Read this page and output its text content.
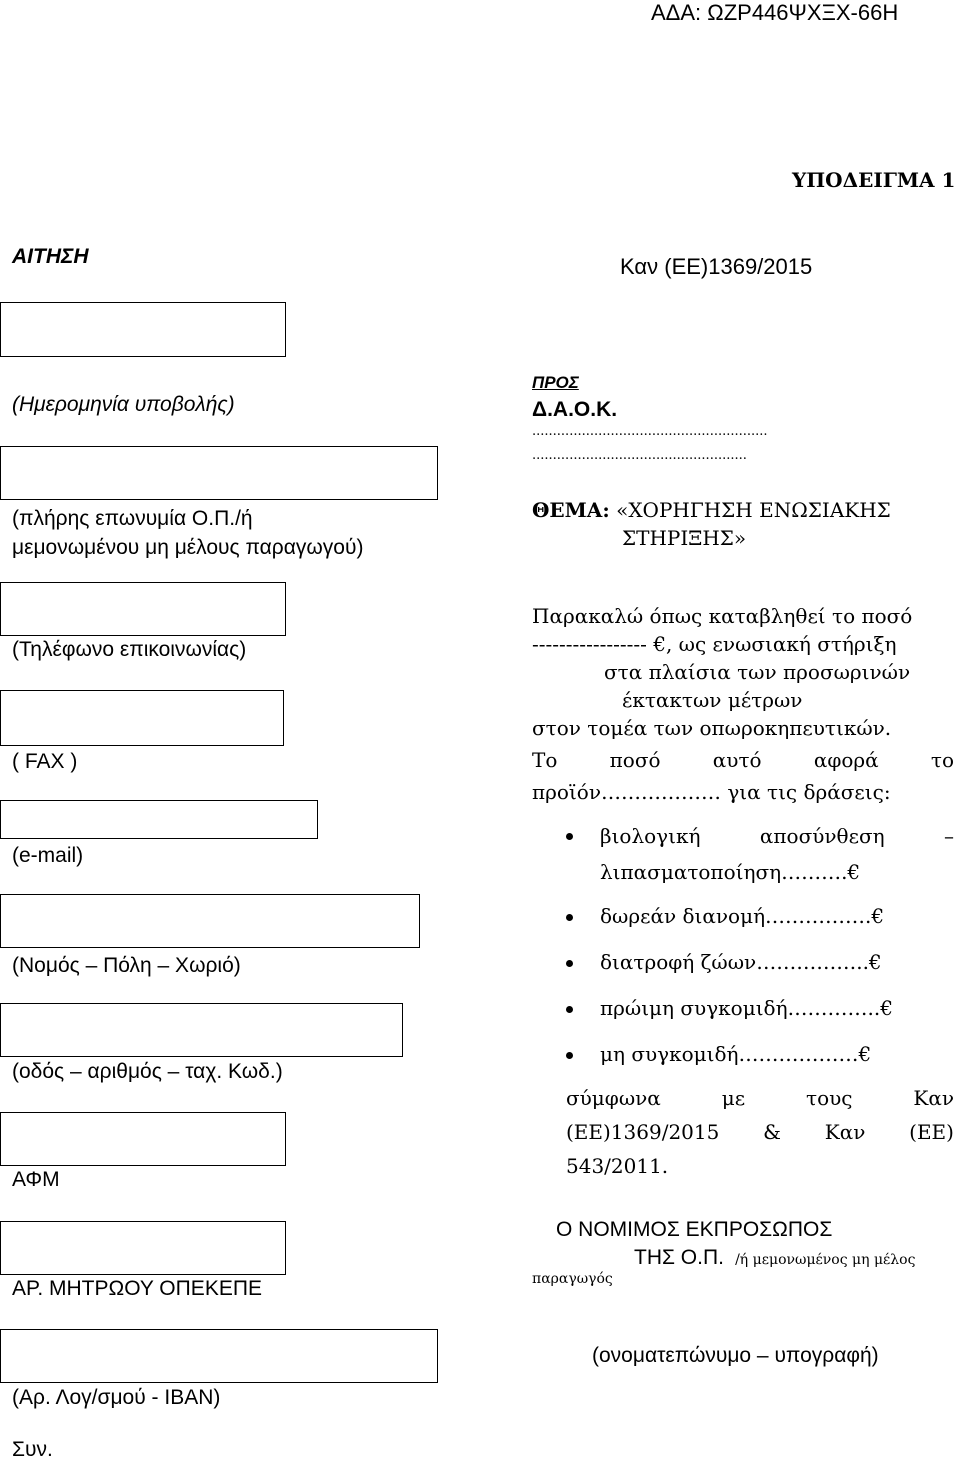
ΑΔΑ: ΩΖΡ446ΨΧΞΧ-66Η
ΥΠΟΔΕΙΓΜΑ 1
ΑΙΤΗΣΗ	Καν (ΕΕ)1369/2015
(Ημερομηνία υποβολής)
(πλήρης επωνυμία Ο.Π./ή
μεμονωμένου μη μέλους παραγωγού)
(Τηλέφωνο επικοινωνίας)
( FAX )
(e-mail)
(Νομός – Πόλη – Χωριό)
(οδός – αριθμός – ταχ. Κωδ.)
ΑΦΜ
ΑΡ. ΜΗΤΡΩΟΥ ΟΠΕΚΕΠΕ
(Αρ. Λογ/σμού - IBAN)
Συν.
ΠΡΟΣ
Δ.Α.Ο.Κ.
.........................................................
....................................................
ΘΕΜΑ: «ΧΟΡΗΓΗΣΗ ΕΝΩΣΙΑΚΗΣ
ΣΤΗΡΙΞΗΣ»
Παρακαλώ όπως καταβληθεί το ποσό
----------------- €, ως ενωσιακή στήριξη
στα πλαίσια των προσωρινών
έκτακτων μέτρων
στον τομέα των οπωροκηπευτικών.
Το	ποσό	αυτό	αφορά	το
προϊόν……………… για τις δράσεις:
βιολογική	αποσύνθεση	–
λιπασματοποίηση……….€
δωρεάν διανομή…………….€
διατροφή ζώων……………..€
πρώιμη συγκομιδή…………..€
μη συγκομιδή………………€
σύμφωνα	με	τους	Καν
(ΕΕ)1369/2015 & Καν (ΕΕ)
543/2011.
Ο ΝΟΜΙΜΟΣ ΕΚΠΡΟΣΩΠΟΣ
ΤΗΣ Ο.Π. /ή μεμονωμένος μη μέλος
παραγωγός
(ονοματεπώνυμο – υπογραφή)
